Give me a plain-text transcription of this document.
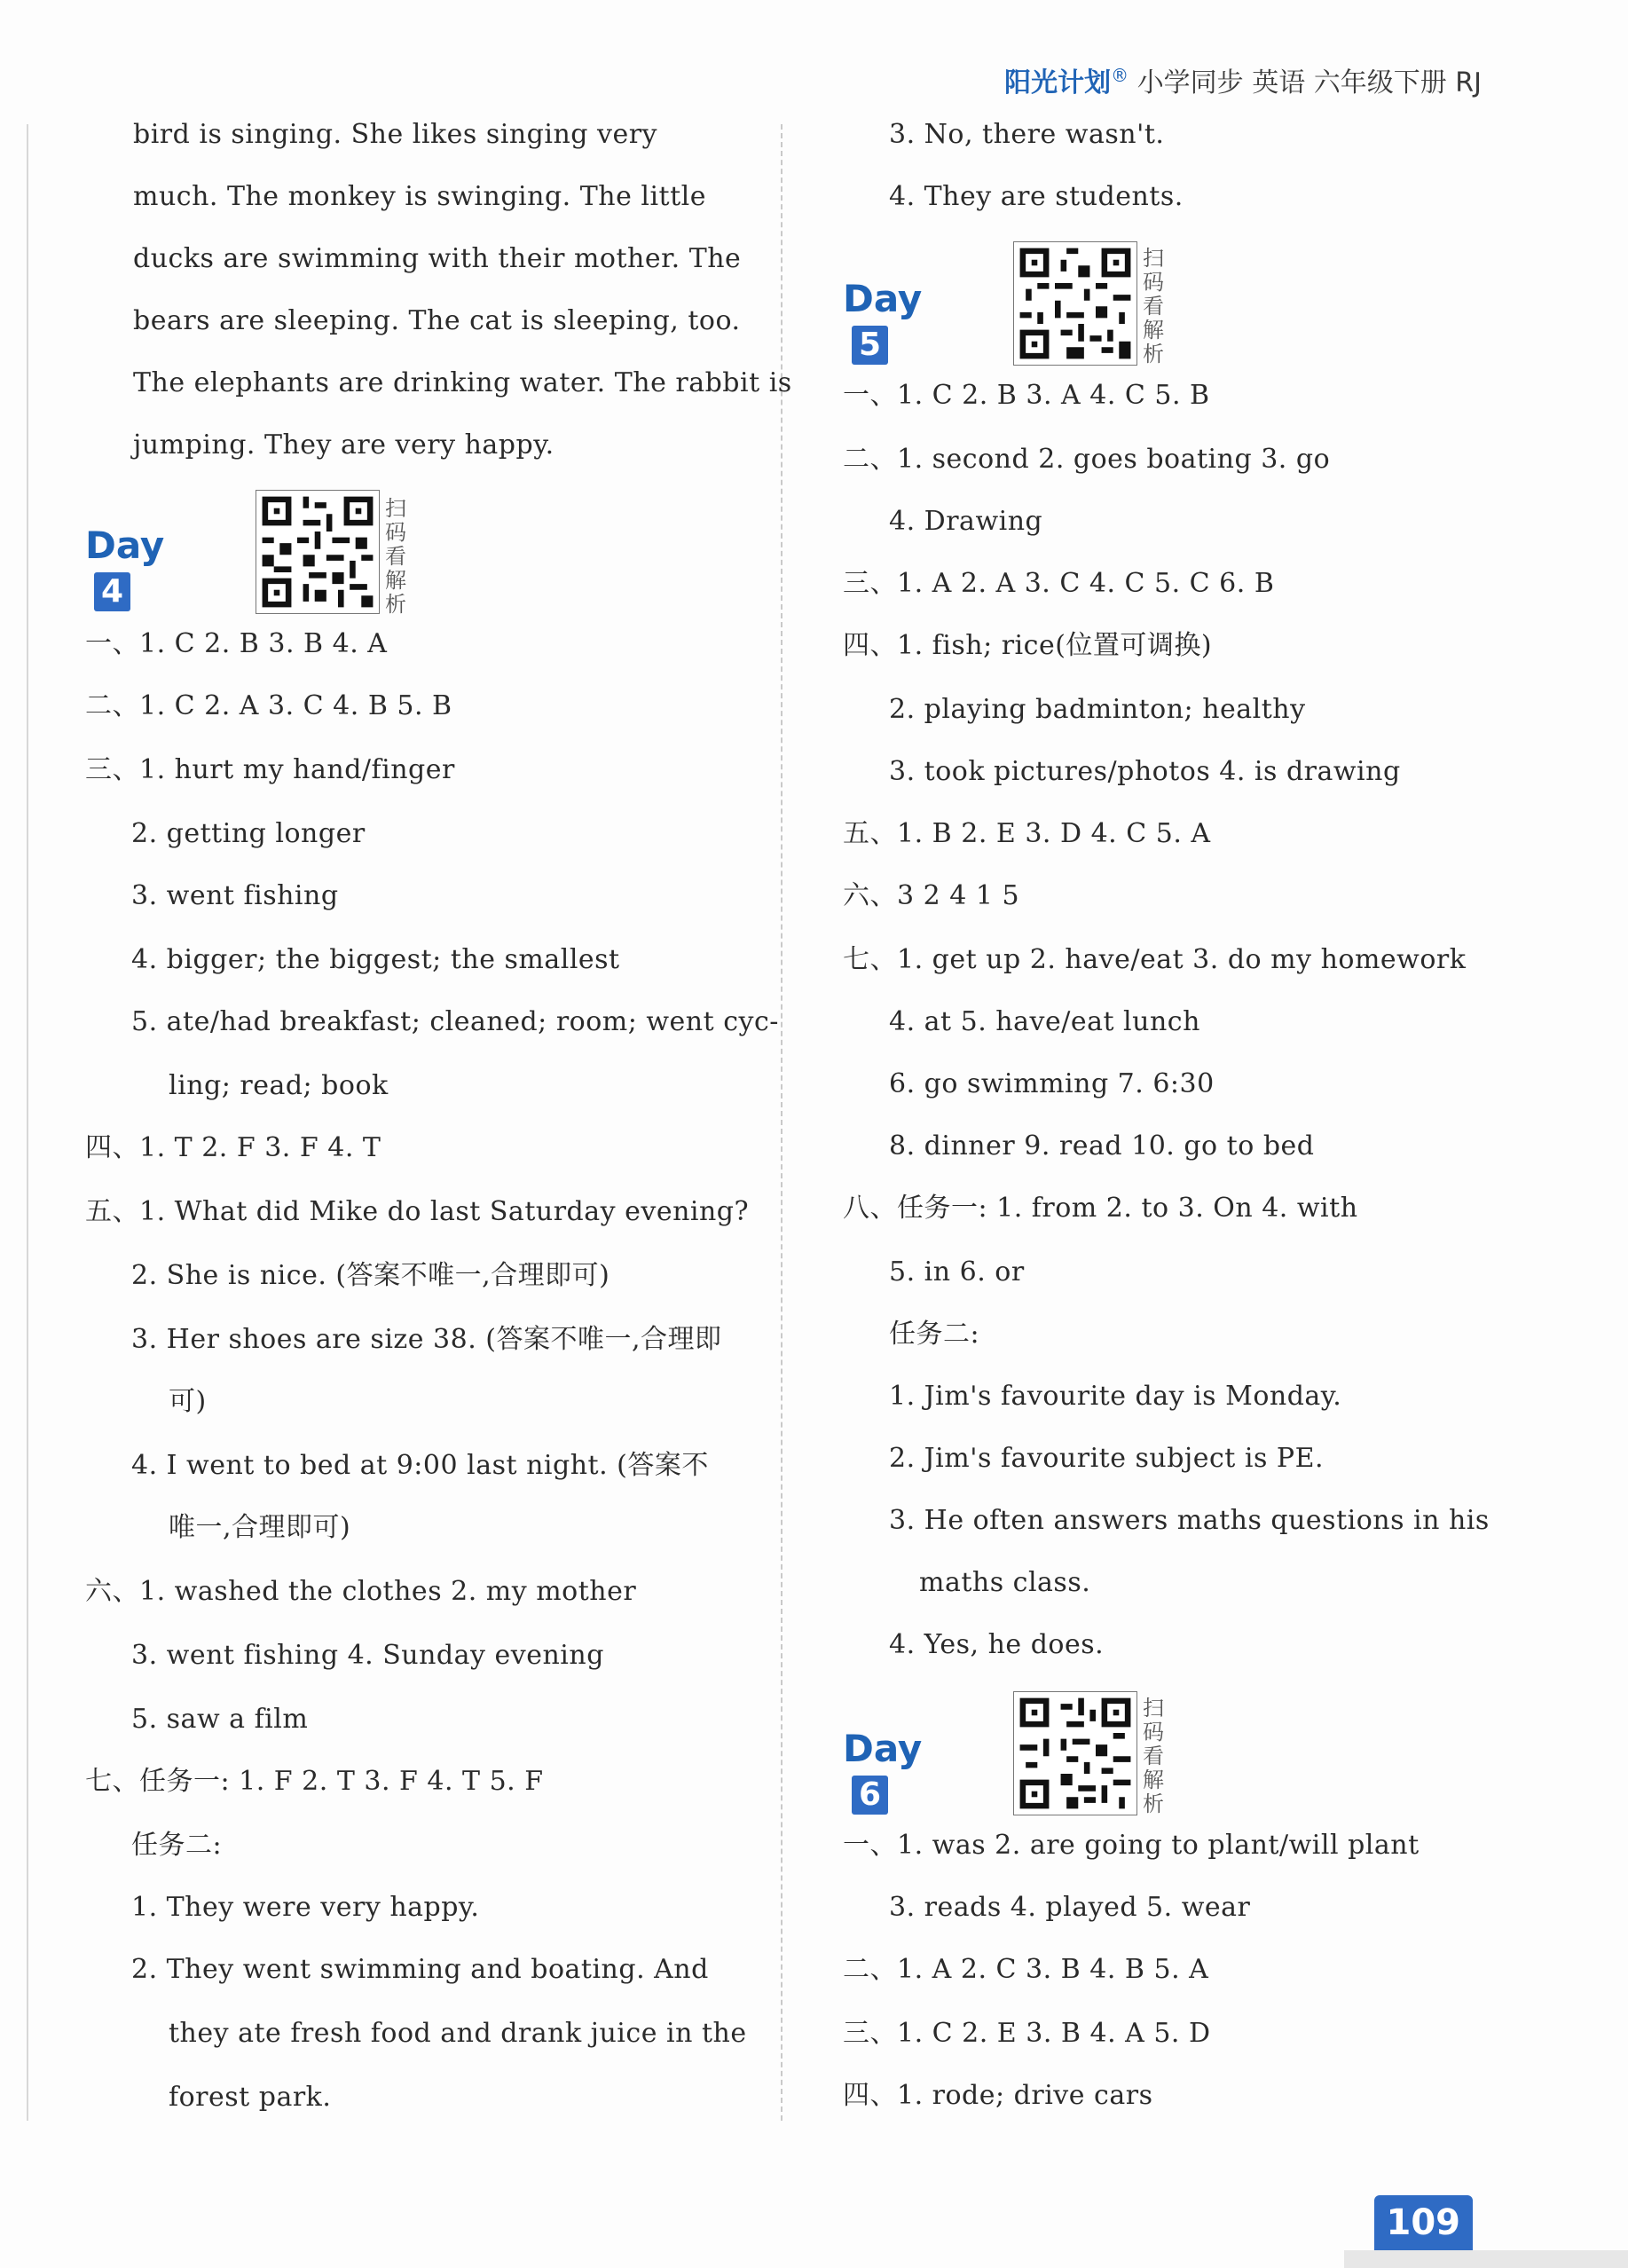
阳光计划® 小学同步 英语 六年级下册 RJ
bird is singing. She likes singing very
much. The monkey is swinging. The little
ducks are swimming with their mother. The
bears are sleeping. The cat is sleeping, too.
The elephants are drinking water. The rabbit is
jumping. They are very happy.
Day4
扫码看解析
一、1. C 2. B 3. B 4. A
二、1. C 2. A 3. C 4. B 5. B
三、1. hurt my hand/finger
2. getting longer
3. went fishing
4. bigger; the biggest; the smallest
5. ate/had breakfast; cleaned; room; went cyc-
ling; read; book
四、1. T 2. F 3. F 4. T
五、1. What did Mike do last Saturday evening?
2. She is nice. (答案不唯一,合理即可)
3. Her shoes are size 38. (答案不唯一,合理即
可)
4. I went to bed at 9:00 last night. (答案不
唯一,合理即可)
六、1. washed the clothes 2. my mother
3. went fishing 4. Sunday evening
5. saw a film
七、任务一: 1. F 2. T 3. F 4. T 5. F
任务二:
1. They were very happy.
2. They went swimming and boating. And
they ate fresh food and drank juice in the
forest park.
3. No, there wasn't.
4. They are students.
Day5
扫码看解析
一、1. C 2. B 3. A 4. C 5. B
二、1. second 2. goes boating 3. go
4. Drawing
三、1. A 2. A 3. C 4. C 5. C 6. B
四、1. fish; rice(位置可调换)
2. playing badminton; healthy
3. took pictures/photos 4. is drawing
五、1. B 2. E 3. D 4. C 5. A
六、3 2 4 1 5
七、1. get up 2. have/eat 3. do my homework
4. at 5. have/eat lunch
6. go swimming 7. 6:30
8. dinner 9. read 10. go to bed
八、任务一: 1. from 2. to 3. On 4. with
5. in 6. or
任务二:
1. Jim's favourite day is Monday.
2. Jim's favourite subject is PE.
3. He often answers maths questions in his
maths class.
4. Yes, he does.
Day6
扫码看解析
一、1. was 2. are going to plant/will plant
3. reads 4. played 5. wear
二、1. A 2. C 3. B 4. B 5. A
三、1. C 2. E 3. B 4. A 5. D
四、1. rode; drive cars
109
